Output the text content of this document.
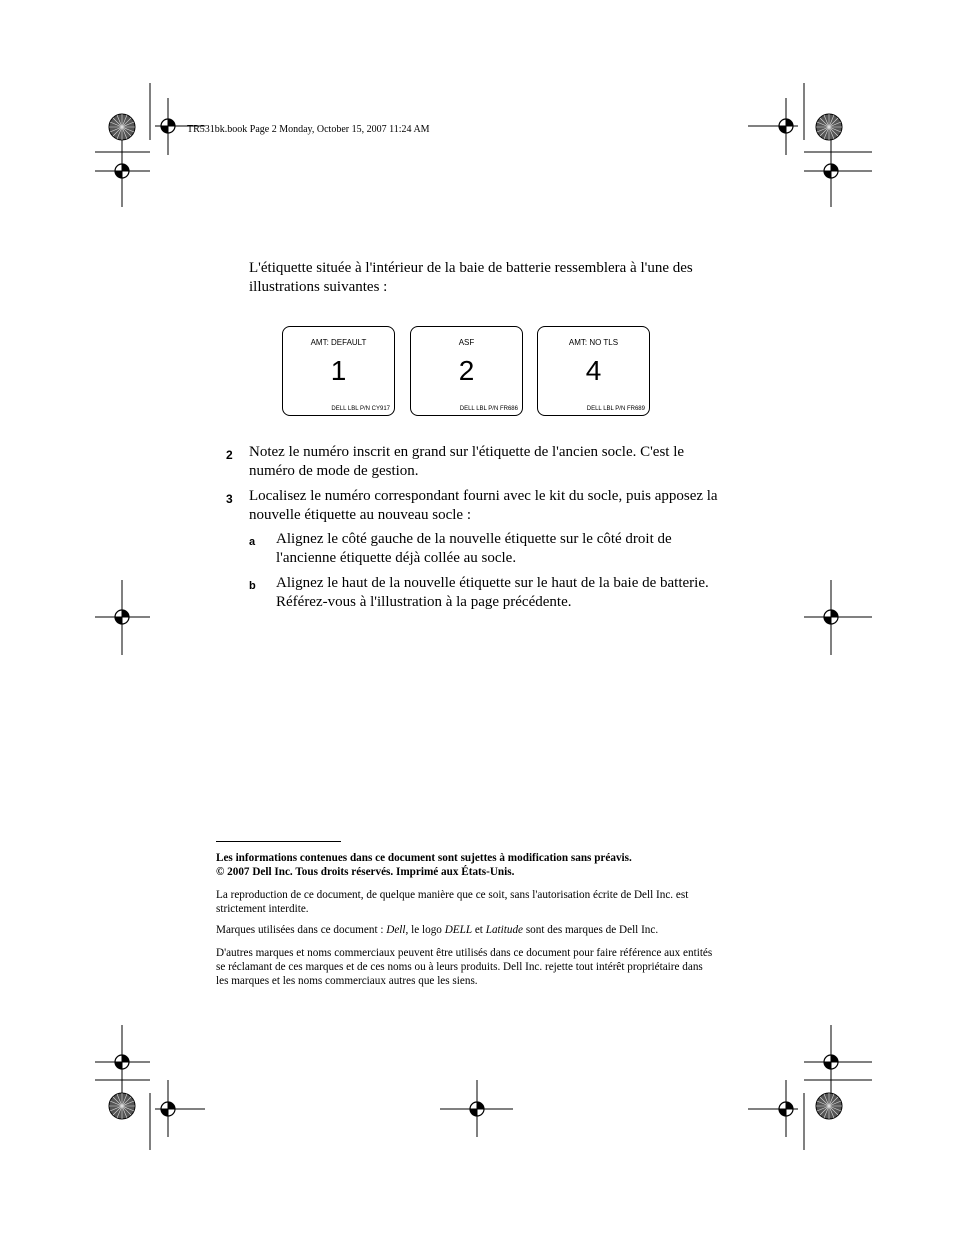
TR531bk.book Page 2 Monday, October 15, 2007 11:24 AM
L'étiquette située à l'intérieur de la baie de batterie ressemblera à l'une des illustrations suivantes :
AMT: DEFAULT
1
DELL LBL P/N CY917
ASF
2
DELL LBL P/N FR686
AMT: NO TLS
4
DELL LBL P/N FR689
2	Notez le numéro inscrit en grand sur l'étiquette de l'ancien socle. C'est le numéro de mode de gestion.
3	Localisez le numéro correspondant fourni avec le kit du socle, puis apposez la nouvelle étiquette au nouveau socle :
a	Alignez le côté gauche de la nouvelle étiquette sur le côté droit de l'ancienne étiquette déjà collée au socle.
b	Alignez le haut de la nouvelle étiquette sur le haut de la baie de batterie. Référez-vous à l'illustration à la page précédente.
Les informations contenues dans ce document sont sujettes à modification sans préavis.
© 2007 Dell Inc. Tous droits réservés. Imprimé aux États-Unis.
La reproduction de ce document, de quelque manière que ce soit, sans l'autorisation écrite de Dell Inc. est strictement interdite.
Marques utilisées dans ce document : Dell, le logo DELL et Latitude sont des marques de Dell Inc.
D'autres marques et noms commerciaux peuvent être utilisés dans ce document pour faire référence aux entités se réclamant de ces marques et de ces noms ou à leurs produits. Dell Inc. rejette tout intérêt propriétaire dans les marques et les noms commerciaux autres que les siens.
